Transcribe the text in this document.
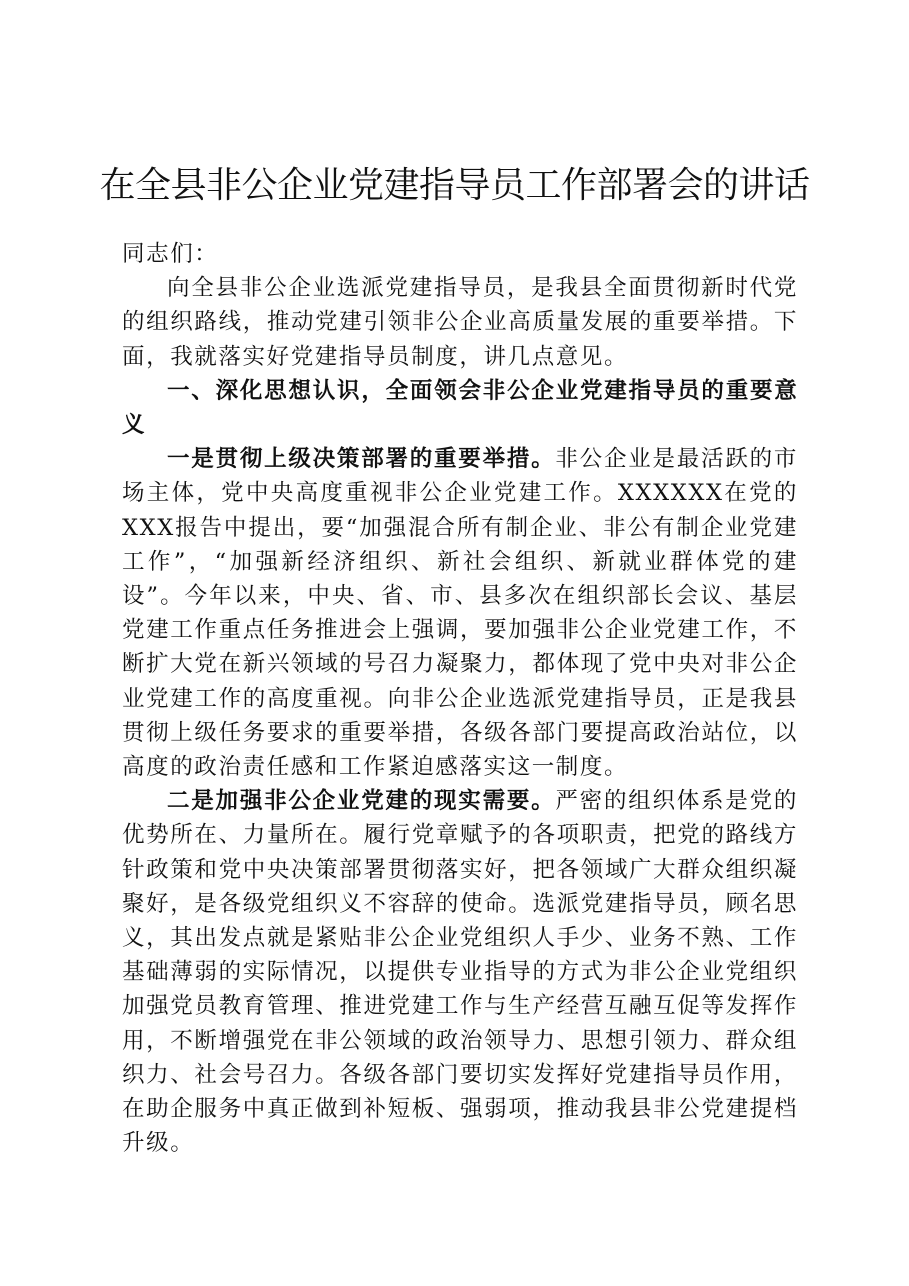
在全县非公企业党建指导员工作部署会的讲话

同志们：

向全县非公企业选派党建指导员，是我县全面贯彻新时代党的组织路线，推动党建引领非公企业高质量发展的重要举措。下面，我就落实好党建指导员制度，讲几点意见。

一、深化思想认识，全面领会非公企业党建指导员的重要意义

一是贯彻上级决策部署的重要举措。非公企业是最活跃的市场主体，党中央高度重视非公企业党建工作。XXXXXX在党的XXX报告中提出，要“加强混合所有制企业、非公有制企业党建工作”，“加强新经济组织、新社会组织、新就业群体党的建设”。今年以来，中央、省、市、县多次在组织部长会议、基层党建工作重点任务推进会上强调，要加强非公企业党建工作，不断扩大党在新兴领域的号召力凝聚力，都体现了党中央对非公企业党建工作的高度重视。向非公企业选派党建指导员，正是我县贯彻上级任务要求的重要举措，各级各部门要提高政治站位，以高度的政治责任感和工作紧迫感落实这一制度。

二是加强非公企业党建的现实需要。严密的组织体系是党的优势所在、力量所在。履行党章赋予的各项职责，把党的路线方针政策和党中央决策部署贯彻落实好，把各领域广大群众组织凝聚好，是各级党组织义不容辞的使命。选派党建指导员，顾名思义，其出发点就是紧贴非公企业党组织人手少、业务不熟、工作基础薄弱的实际情况，以提供专业指导的方式为非公企业党组织加强党员教育管理、推进党建工作与生产经营互融互促等发挥作用，不断增强党在非公领域的政治领导力、思想引领力、群众组织力、社会号召力。各级各部门要切实发挥好党建指导员作用，在助企服务中真正做到补短板、强弱项，推动我县非公党建提档升级。
